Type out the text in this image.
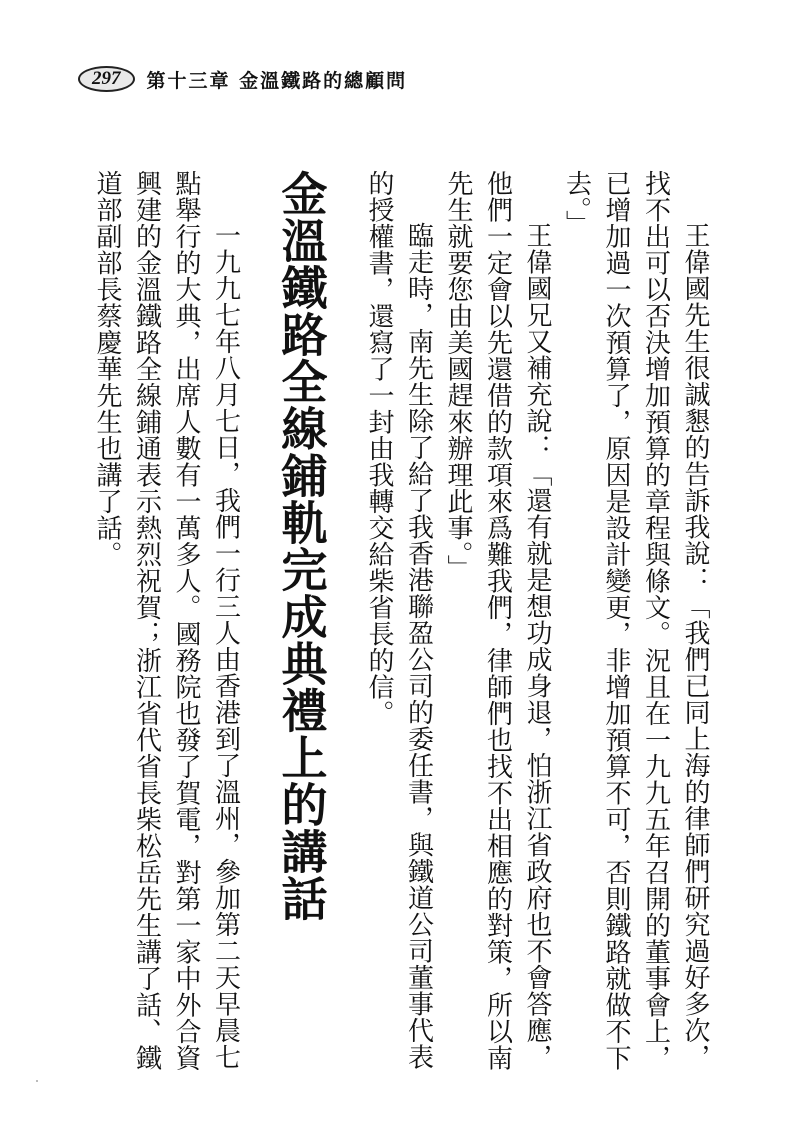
297	第十三章 金溫鐵路的總顧問

王偉國先生很誠懇的告訴我說：「我們已同上海的律師們研究過好多次，找不出可以否決增加預算的章程與條文。況且在一九九五年召開的董事會上，已增加過一次預算了，原因是設計變更，非增加預算不可，否則鐵路就做不下去。」

王偉國兄又補充說：「還有就是想功成身退，怕浙江省政府也不會答應，他們一定會以先還借的款項來爲難我們，律師們也找不出相應的對策，所以南先生就要您由美國趕來辦理此事。」

臨走時，南先生除了給了我香港聯盈公司的委任書，與鐵道公司董事代表的授權書，還寫了一封由我轉交給柴省長的信。

金溫鐵路全線鋪軌完成典禮上的講話

一九九七年八月七日，我們一行三人由香港到了溫州，參加第二天早晨七點舉行的大典，出席人數有一萬多人。國務院也發了賀電，對第一家中外合資興建的金溫鐵路全線鋪通表示熱烈祝賀；浙江省代省長柴松岳先生講了話、鐵道部副部長蔡慶華先生也講了話。
